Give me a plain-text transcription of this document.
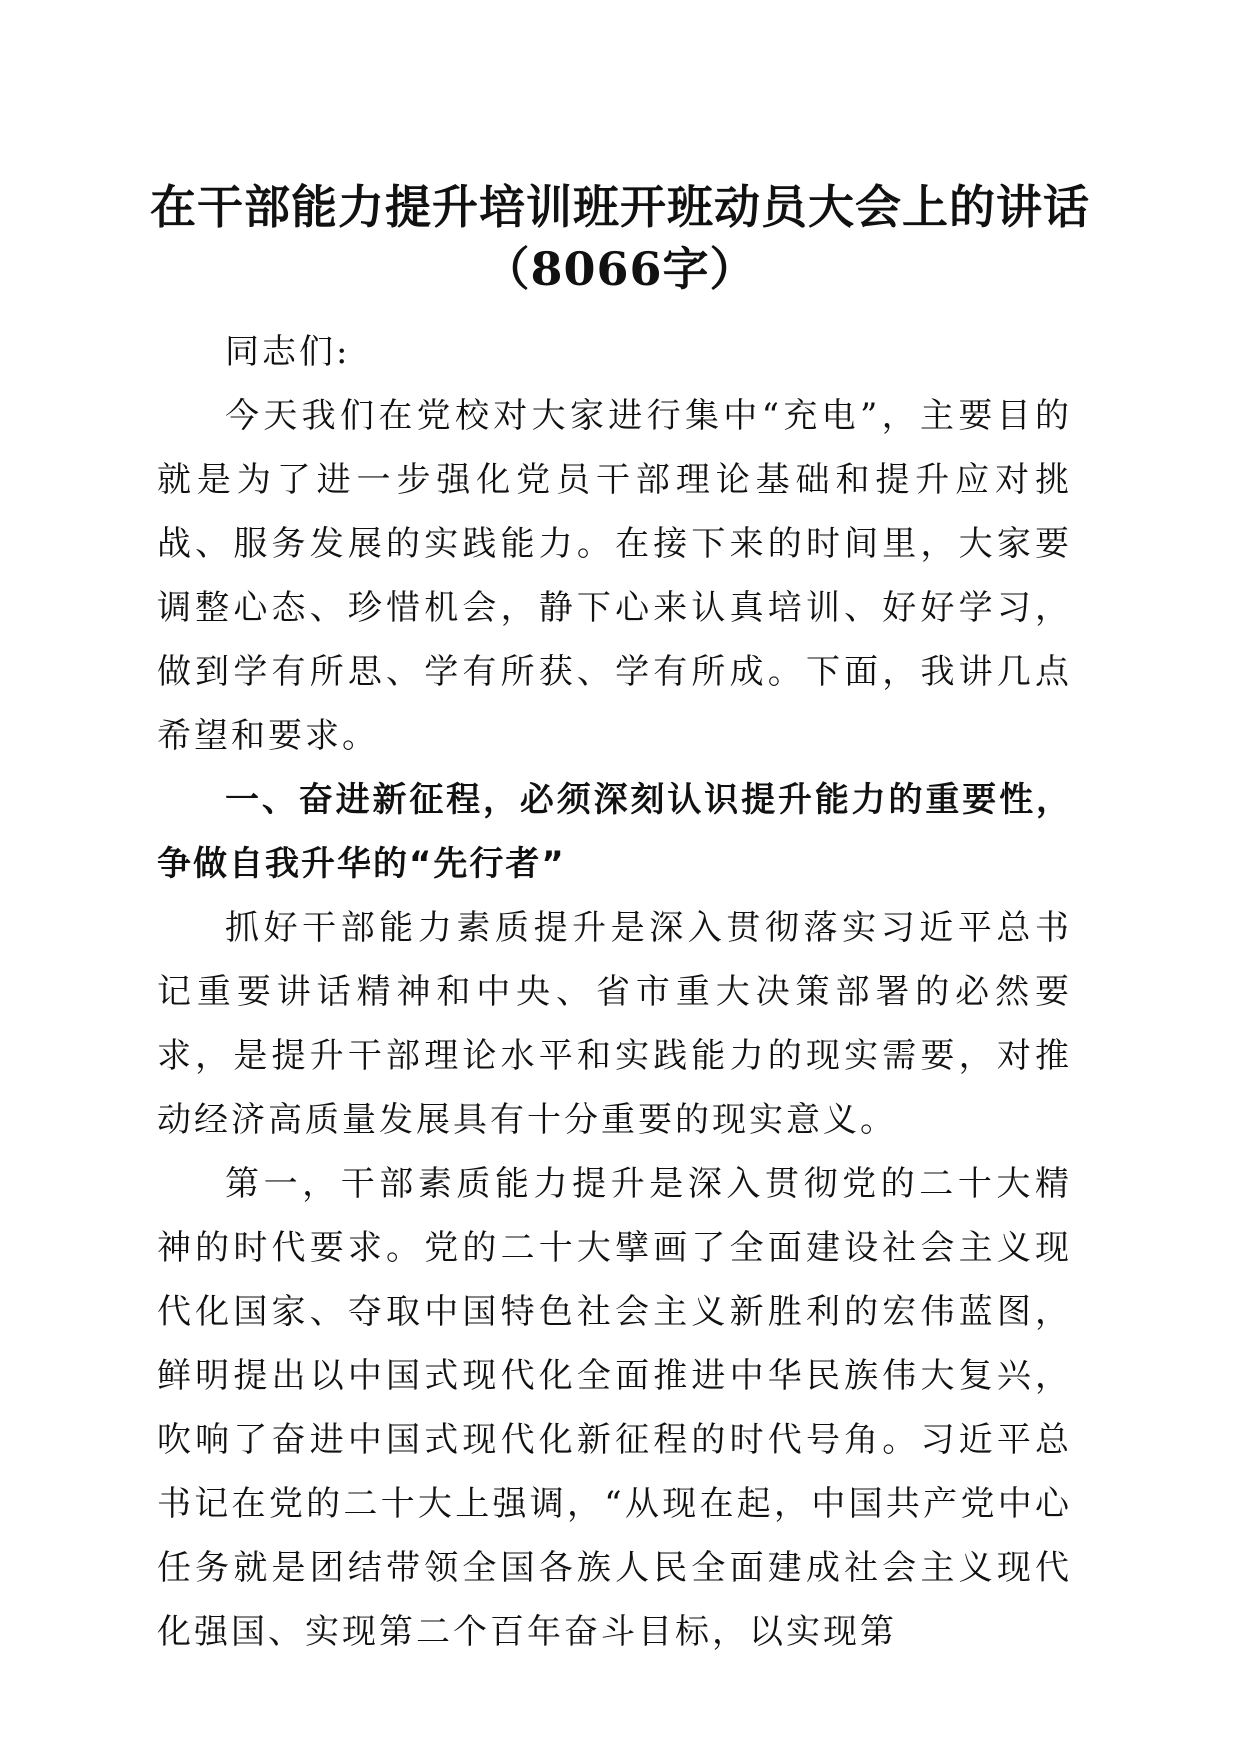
在干部能力提升培训班开班动员大会上的讲话
（8066字）

同志们:

今天我们在党校对大家进行集中“充电”，主要目的就是为了进一步强化党员干部理论基础和提升应对挑战、服务发展的实践能力。在接下来的时间里，大家要调整心态、珍惜机会，静下心来认真培训、好好学习，做到学有所思、学有所获、学有所成。下面，我讲几点希望和要求。

一、奋进新征程，必须深刻认识提升能力的重要性，争做自我升华的“先行者”

抓好干部能力素质提升是深入贯彻落实习近平总书记重要讲话精神和中央、省市重大决策部署的必然要求，是提升干部理论水平和实践能力的现实需要，对推动经济高质量发展具有十分重要的现实意义。

第一，干部素质能力提升是深入贯彻党的二十大精神的时代要求。党的二十大擘画了全面建设社会主义现代化国家、夺取中国特色社会主义新胜利的宏伟蓝图，鲜明提出以中国式现代化全面推进中华民族伟大复兴，吹响了奋进中国式现代化新征程的时代号角。习近平总书记在党的二十大上强调，“从现在起，中国共产党中心任务就是团结带领全国各族人民全面建成社会主义现代化强国、实现第二个百年奋斗目标，以实现第
